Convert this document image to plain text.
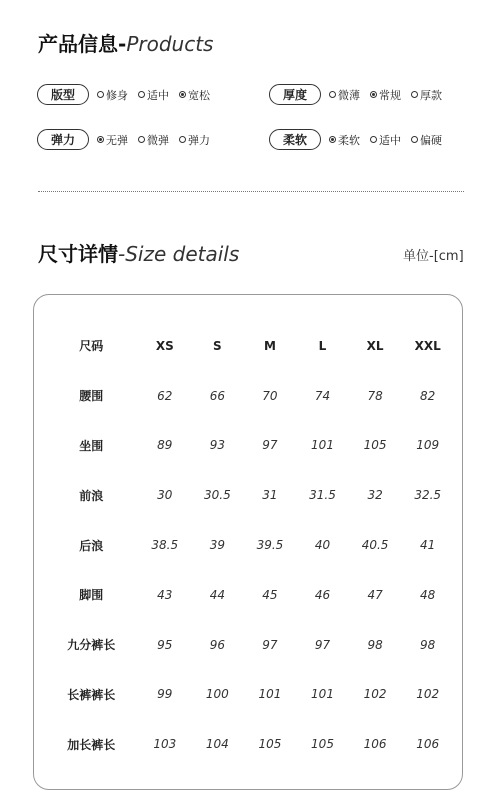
产品信息-Products
版型	修身 适中 宽松	厚度	微薄 常规 厚款
弹力	无弹 微弹 弹力	柔软	柔软 适中 偏硬
尺寸详情-Size details	单位-[cm]
尺码	XS	S	M	L	XL	XXL
腰围	62	66	70	74	78	82
坐围	89	93	97	101	105	109
前浪	30	30.5	31	31.5	32	32.5
后浪	38.5	39	39.5	40	40.5	41
脚围	43	44	45	46	47	48
九分裤长	95	96	97	97	98	98
长裤裤长	99	100	101	101	102	102
加长裤长	103	104	105	105	106	106
